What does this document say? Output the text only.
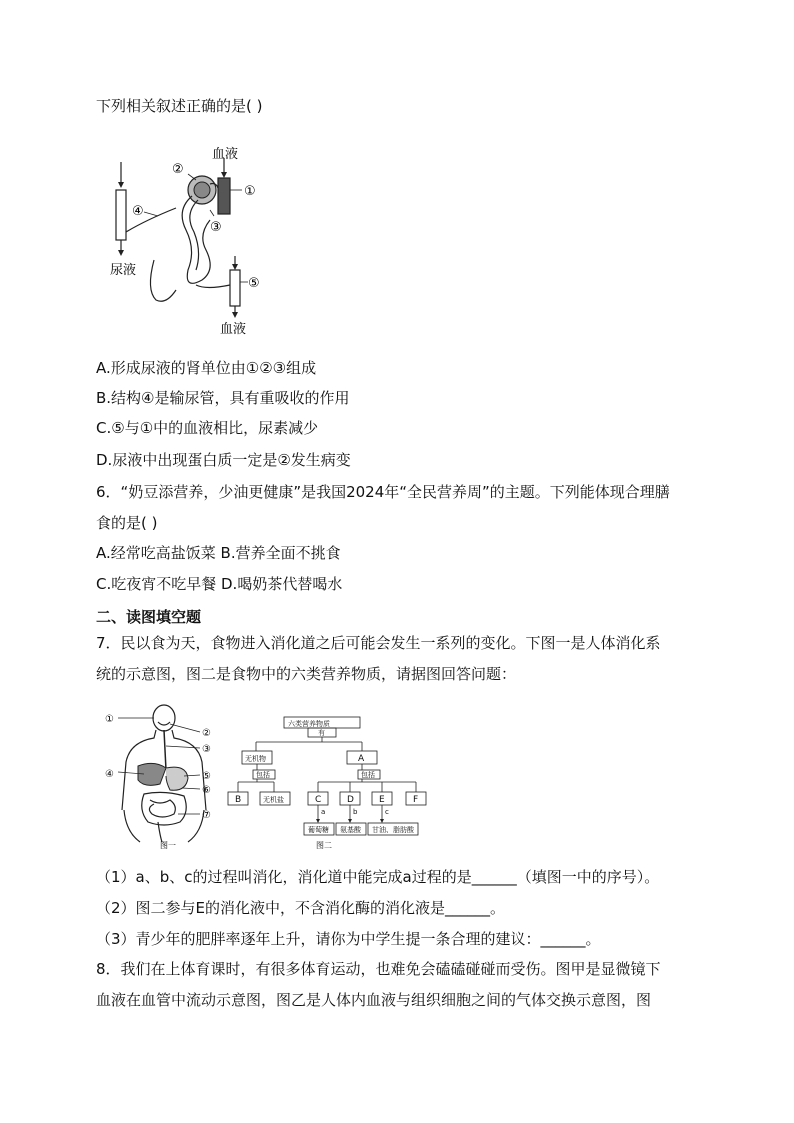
下列相关叙述正确的是( )
血液
①
②
③
④
⑤
尿液
血液
A.形成尿液的肾单位由①②③组成
B.结构④是输尿管，具有重吸收的作用
C.⑤与①中的血液相比，尿素减少
D.尿液中出现蛋白质一定是②发生病变
6．“奶豆添营养，少油更健康”是我国2024年“全民营养周”的主题。下列能体现合理膳
食的是( )
A.经常吃高盐饭菜 B.营养全面不挑食
C.吃夜宵不吃早餐 D.喝奶茶代替喝水
二、读图填空题
7．民以食为天，食物进入消化道之后可能会发生一系列的变化。下图一是人体消化系
统的示意图，图二是食物中的六类营养物质，请据图回答问题：
①
②
③
④	⑤
⑥
⑦
图一
六类营养物质
有
无机物	A
包括	包括
B	无机盐	C	D	E	F
a	b	c
葡萄糖 氨基酸 甘油、脂肪酸
图二
（1）a、b、c的过程叫消化，消化道中能完成a过程的是______（填图一中的序号）。
（2）图二参与E的消化液中，不含消化酶的消化液是______。
（3）青少年的肥胖率逐年上升，请你为中学生提一条合理的建议：______。
8．我们在上体育课时，有很多体育运动，也难免会磕磕碰碰而受伤。图甲是显微镜下
血液在血管中流动示意图，图乙是人体内血液与组织细胞之间的气体交换示意图，图
